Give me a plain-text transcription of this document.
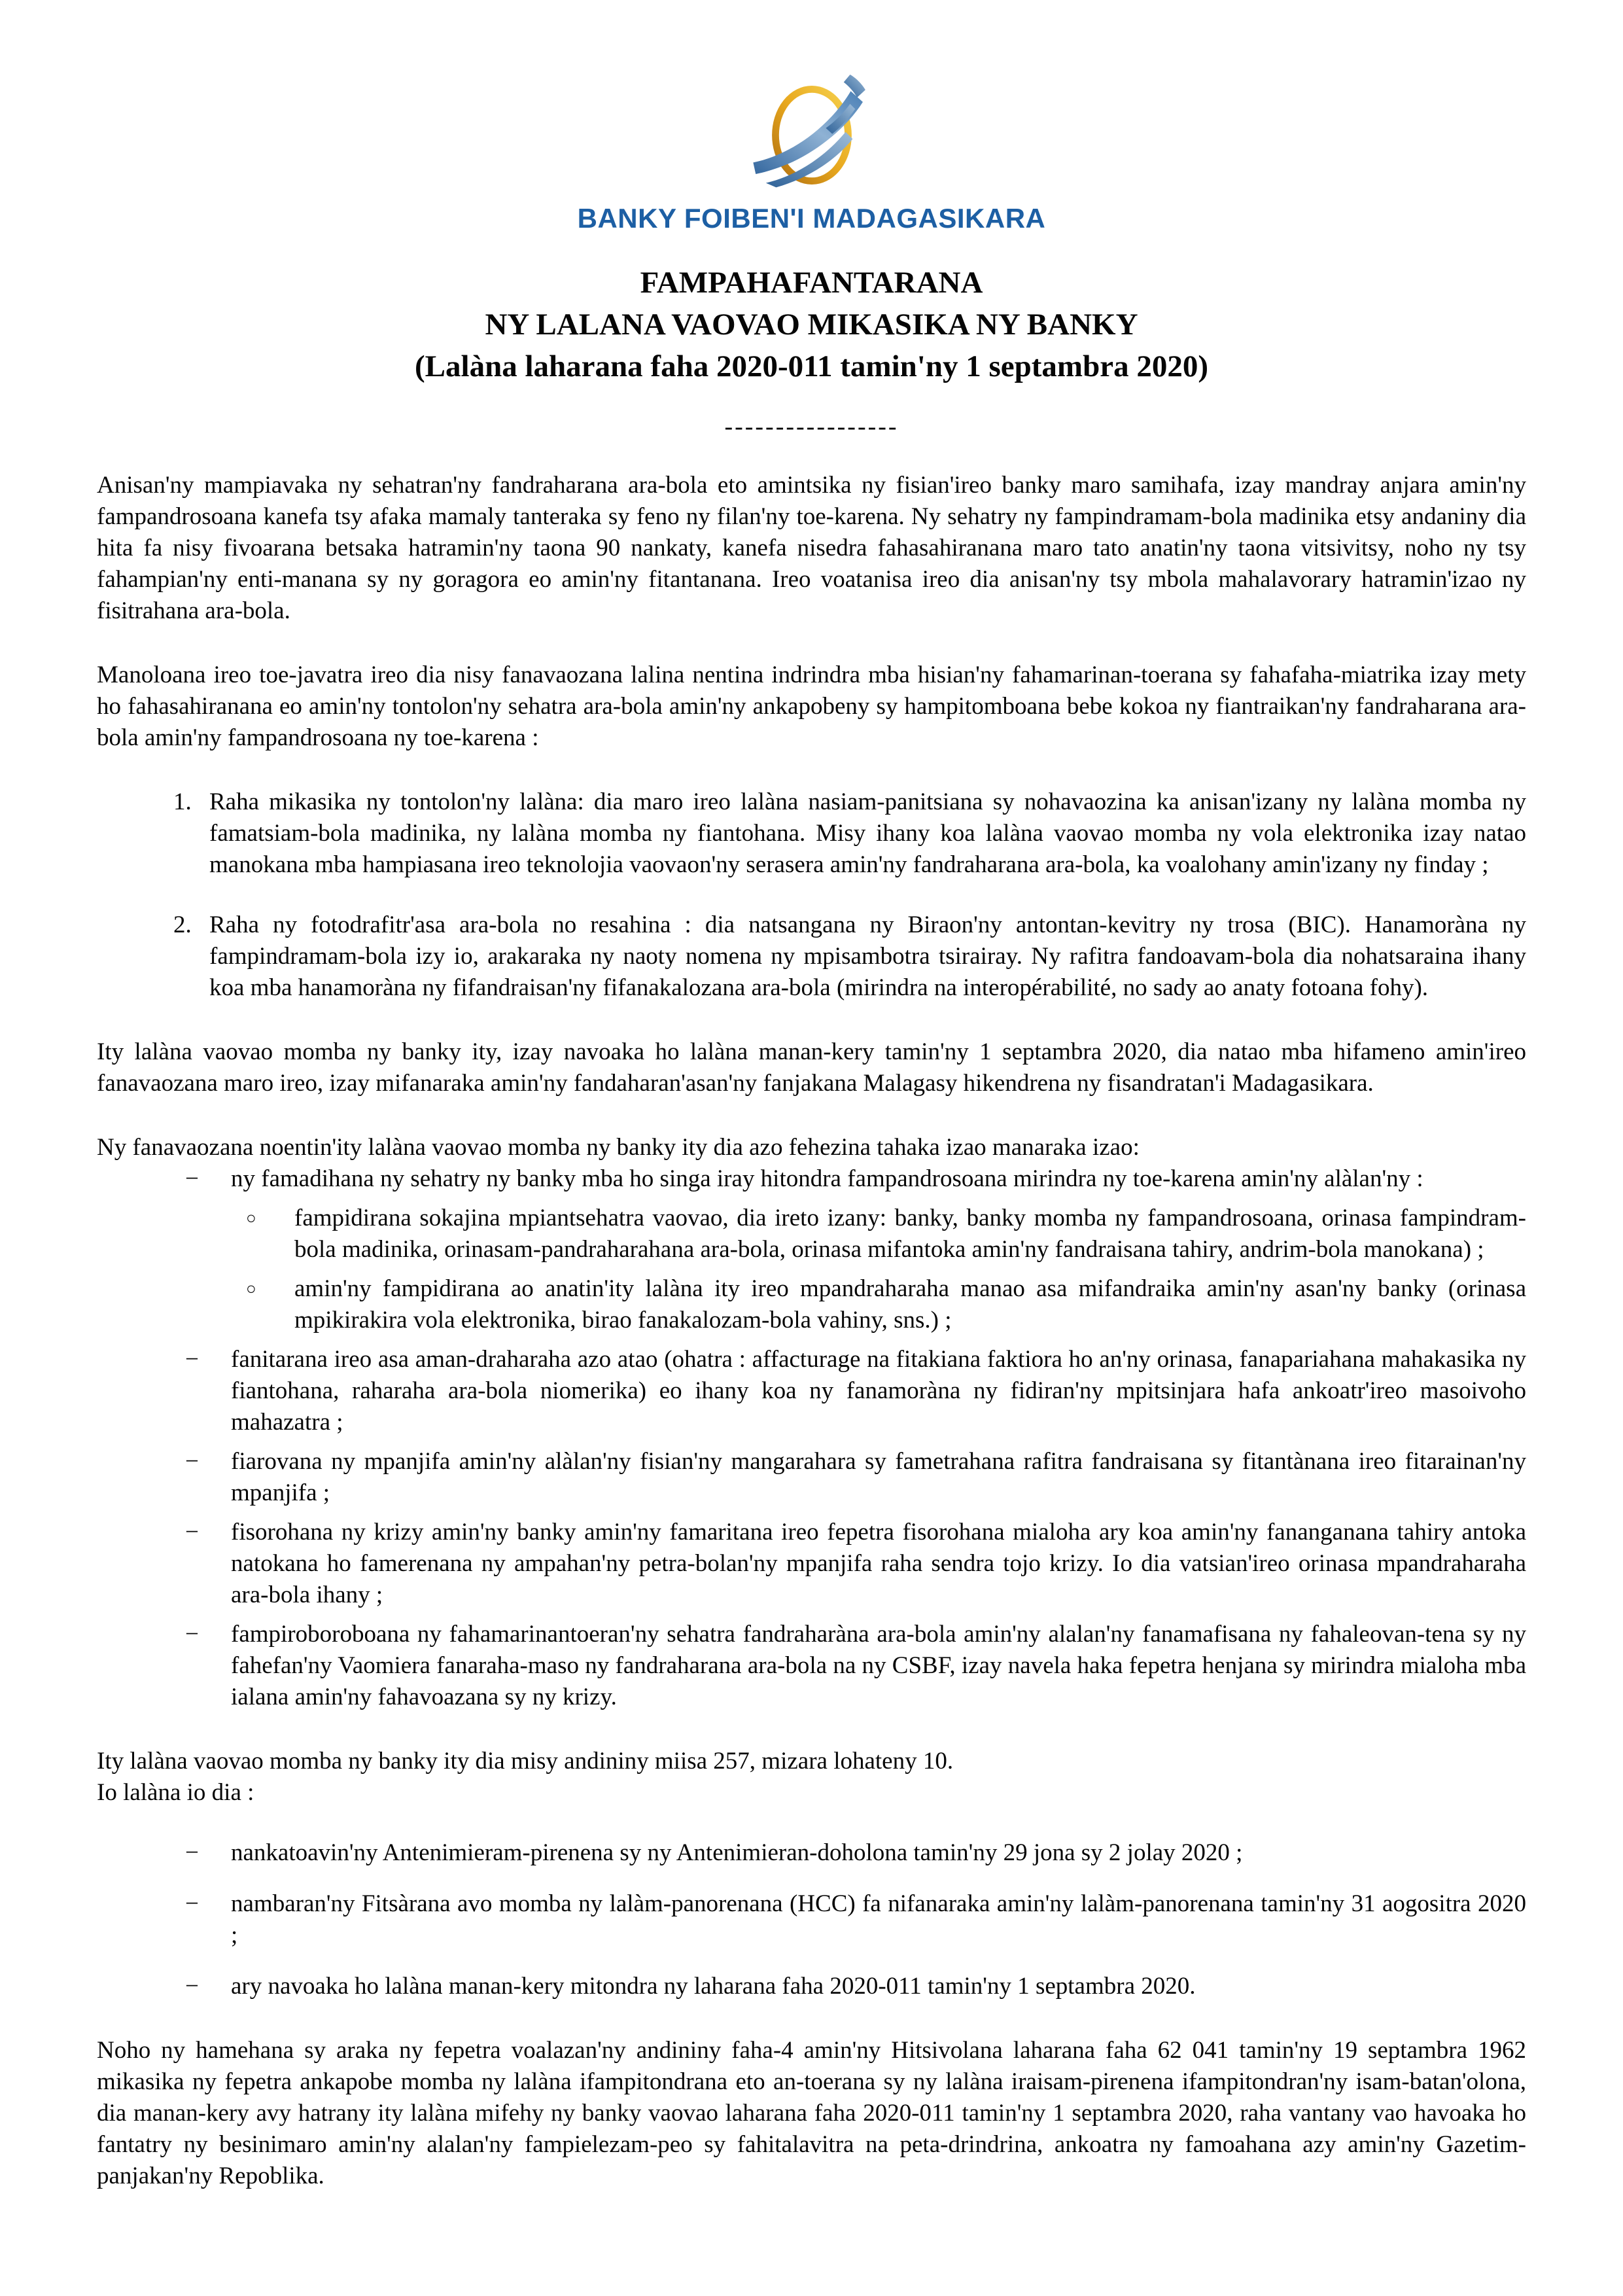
BANKY FOIBEN'I MADAGASIKARA
FAMPAHAFANTARANA
NY LALANA VAOVAO MIKASIKA NY BANKY
(Lalàna laharana faha 2020-011 tamin'ny 1 septambra 2020)
-----------------

Anisan'ny mampiavaka ny sehatran'ny fandraharana ara-bola eto amintsika ny fisian'ireo banky maro samihafa, izay mandray anjara amin'ny fampandrosoana kanefa tsy afaka mamaly tanteraka sy feno ny filan'ny toe-karena. Ny sehatry ny fampindramam-bola madinika etsy andaniny dia hita fa nisy fivoarana betsaka hatramin'ny taona 90 nankaty, kanefa nisedra fahasahiranana maro tato anatin'ny taona vitsivitsy, noho ny tsy fahampian'ny enti-manana sy ny goragora eo amin'ny fitantanana. Ireo voatanisa ireo dia anisan'ny tsy mbola mahalavorary hatramin'izao ny fisitrahana ara-bola.

Manoloana ireo toe-javatra ireo dia nisy fanavaozana lalina nentina indrindra mba hisian'ny fahamarinan-toerana sy fahafaha-miatrika izay mety ho fahasahiranana eo amin'ny tontolon'ny sehatra ara-bola amin'ny ankapobeny sy hampitomboana bebe kokoa ny fiantraikan'ny fandraharana ara-bola amin'ny fampandrosoana ny toe-karena :

1. Raha mikasika ny tontolon'ny lalàna: dia maro ireo lalàna nasiam-panitsiana sy nohavaozina ka anisan'izany ny lalàna momba ny famatsiam-bola madinika, ny lalàna momba ny fiantohana. Misy ihany koa lalàna vaovao momba ny vola elektronika izay natao manokana mba hampiasana ireo teknolojia vaovaon'ny serasera amin'ny fandraharana ara-bola, ka voalohany amin'izany ny finday ;
2. Raha ny fotodrafitr'asa ara-bola no resahina : dia natsangana ny Biraon'ny antontan-kevitry ny trosa (BIC). Hanamoràna ny fampindramam-bola izy io, arakaraka ny naoty nomena ny mpisambotra tsirairay. Ny rafitra fandoavam-bola dia nohatsaraina ihany koa mba hanamoràna ny fifandraisan'ny fifanakalozana ara-bola (mirindra na interopérabilité, no sady ao anaty fotoana fohy).

Ity lalàna vaovao momba ny banky ity, izay navoaka ho lalàna manan-kery tamin'ny 1 septambra 2020, dia natao mba hifameno amin'ireo fanavaozana maro ireo, izay mifanaraka amin'ny fandaharan'asan'ny fanjakana Malagasy hikendrena ny fisandratan'i Madagasikara.

Ny fanavaozana noentin'ity lalàna vaovao momba ny banky ity dia azo fehezina tahaka izao manaraka izao:

−	ny famadihana ny sehatry ny banky mba ho singa iray hitondra fampandrosoana mirindra ny toe-karena amin'ny alàlan'ny :
○	fampidirana sokajina mpiantsehatra vaovao, dia ireto izany: banky, banky momba ny fampandrosoana, orinasa fampindram-bola madinika, orinasam-pandraharahana ara-bola, orinasa mifantoka amin'ny fandraisana tahiry, andrim-bola manokana) ;
○	amin'ny fampidirana ao anatin'ity lalàna ity ireo mpandraharaha manao asa mifandraika amin'ny asan'ny banky (orinasa mpikirakira vola elektronika, birao fanakalozam-bola vahiny, sns.) ;
−	fanitarana ireo asa aman-draharaha azo atao (ohatra : affacturage na fitakiana faktiora ho an'ny orinasa, fanapariahana mahakasika ny fiantohana, raharaha ara-bola niomerika) eo ihany koa ny fanamoràna ny fidiran'ny mpitsinjara hafa ankoatr'ireo masoivoho mahazatra ;
−	fiarovana ny mpanjifa amin'ny alàlan'ny fisian'ny mangarahara sy fametrahana rafitra fandraisana sy fitantànana ireo fitarainan'ny mpanjifa ;
−	fisorohana ny krizy amin'ny banky amin'ny famaritana ireo fepetra fisorohana mialoha ary koa amin'ny fananganana tahiry antoka natokana ho famerenana ny ampahan'ny petra-bolan'ny mpanjifa raha sendra tojo krizy. Io dia vatsian'ireo orinasa mpandraharaha ara-bola ihany ;
−	fampiroboroboana ny fahamarinantoeran'ny sehatra fandraharàna ara-bola amin'ny alalan'ny fanamafisana ny fahaleovan-tena sy ny fahefan'ny Vaomiera fanaraha-maso ny fandraharana ara-bola na ny CSBF, izay navela haka fepetra henjana sy mirindra mialoha mba ialana amin'ny fahavoazana sy ny krizy.

Ity lalàna vaovao momba ny banky ity dia misy andininy miisa 257, mizara lohateny 10.

Io lalàna io dia :

−	nankatoavin'ny Antenimieram-pirenena sy ny Antenimieran-doholona tamin'ny 29 jona sy 2 jolay 2020 ;
−	nambaran'ny Fitsàrana avo momba ny lalàm-panorenana (HCC) fa nifanaraka amin'ny lalàm-panorenana tamin'ny 31 aogositra 2020 ;
−	ary navoaka ho lalàna manan-kery mitondra ny laharana faha 2020-011 tamin'ny 1 septambra 2020.

Noho ny hamehana sy araka ny fepetra voalazan'ny andininy faha-4 amin'ny Hitsivolana laharana faha 62 041 tamin'ny 19 septambra 1962 mikasika ny fepetra ankapobe momba ny lalàna ifampitondrana eto an-toerana sy ny lalàna iraisam-pirenena ifampitondran'ny isam-batan'olona, dia manan-kery avy hatrany ity lalàna mifehy ny banky vaovao laharana faha 2020-011 tamin'ny 1 septambra 2020, raha vantany vao havoaka ho fantatry ny besinimaro amin'ny alalan'ny fampielezam-peo sy fahitalavitra na peta-drindrina, ankoatra ny famoahana azy amin'ny Gazetim-panjakan'ny Repoblika.
